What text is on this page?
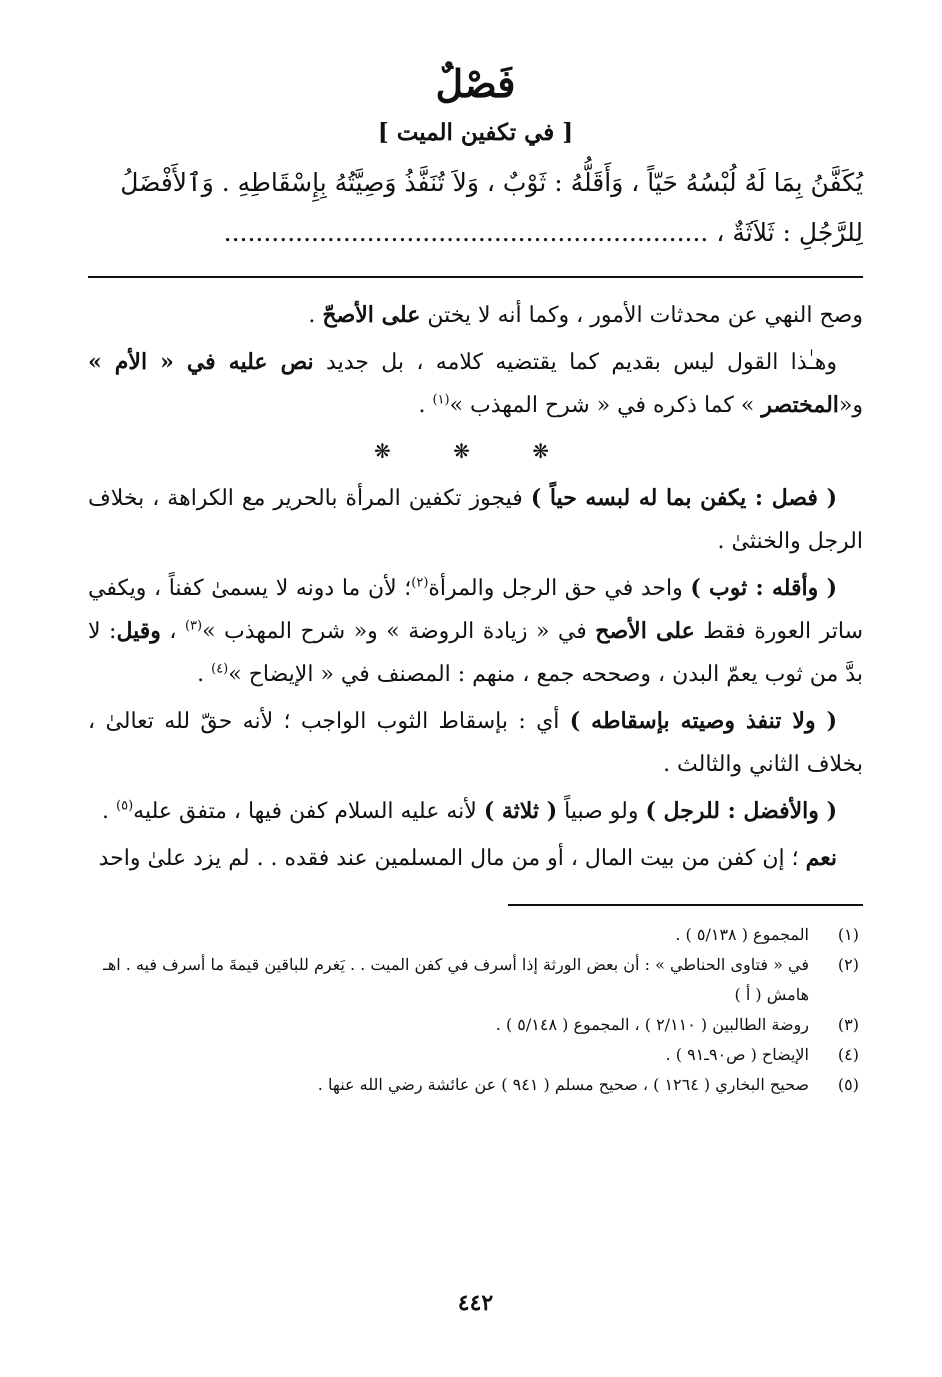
فَصْلٌ
[ في تكفين الميت ]
يُكَفَّنُ بِمَا لَهُ لُبْسُهُ حَيّاً ، وَأَقَلُّهُ : ثَوْبٌ ، وَلاَ تُنَفَّذُ وَصِيَّتُهُ بِإِسْقَاطِهِ . وَٱلأَفْضَلُ
لِلرَّجُلِ : ثَلاَثَةٌ ، .............................................................

وصح النهي عن محدثات الأمور ، وكما أنه لا يختن على الأصحّ .

وهـٰذا القول ليس بقديم كما يقتضيه كلامه ، بل جديد نص عليه في « الأم » و«المختصر » كما ذكره في « شرح المهذب »$^{(١)}$ .

❋ ❋ ❋

( فصل : يكفن بما له لبسه حياً ) فيجوز تكفين المرأة بالحرير مع الكراهة ، بخلاف الرجل والخنثىٰ .

( وأقله : ثوب ) واحد في حق الرجل والمرأة$^{(٢)}$؛ لأن ما دونه لا يسمىٰ كفناً ، ويكفي ساتر العورة فقط على الأصح في « زيادة الروضة » و« شرح المهذب »$^{(٣)}$ ، وقيل: لا بدَّ من ثوب يعمّ البدن ، وصححه جمع ، منهم : المصنف في « الإيضاح »$^{(٤)}$ .

( ولا تنفذ وصيته بإسقاطه ) أي : بإسقاط الثوب الواجب ؛ لأنه حقّ لله تعالىٰ ، بخلاف الثاني والثالث .

( والأفضل : للرجل ) ولو صبياً ( ثلاثة ) لأنه عليه السلام كفن فيها ، متفق عليه$^{(٥)}$ .

نعم ؛ إن كفن من بيت المال ، أو من مال المسلمين عند فقده . . لم يزد علىٰ واحد

(١)
المجموع ( ٥/١٣٨ ) .
(٢)
في « فتاوى الحناطي » : أن بعض الورثة إذا أسرف في كفن الميت . . يَغرم للباقين قيمةَ ما أسرف فيه . اهـ هامش ( أ )
(٣)
روضة الطالبين ( ٢/١١٠ ) ، المجموع ( ٥/١٤٨ ) .
(٤)
الإيضاح ( ص٩٠ـ٩١ ) .
(٥)
صحيح البخاري ( ١٢٦٤ ) ، صحيح مسلم ( ٩٤١ ) عن عائشة رضي الله عنها .
٤٤٢
